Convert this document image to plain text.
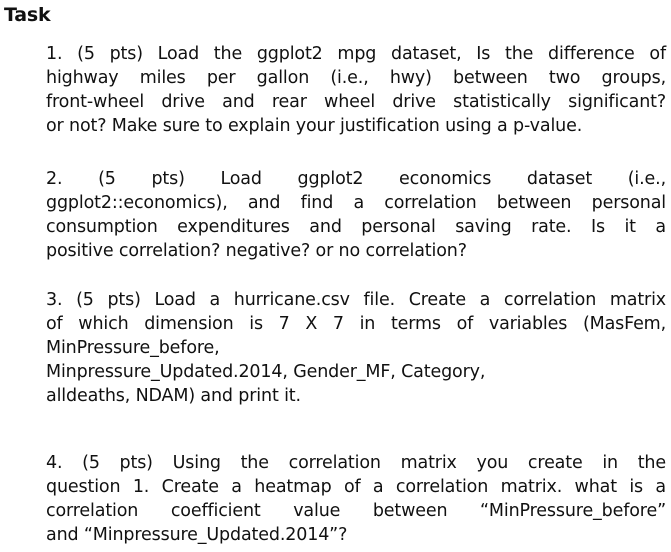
Task
1. (5 pts) Load the ggplot2 mpg dataset, Is the difference of
highway miles per gallon (i.e., hwy) between two groups,
front-wheel drive and rear wheel drive statistically significant?
or not? Make sure to explain your justification using a p-value.
2. (5 pts) Load ggplot2 economics dataset (i.e.,
ggplot2::economics), and find a correlation between personal
consumption expenditures and personal saving rate. Is it a
positive correlation? negative? or no correlation?
3. (5 pts) Load a hurricane.csv file. Create a correlation matrix
of which dimension is 7 X 7 in terms of variables (MasFem,
MinPressure_before,
Minpressure_Updated.2014, Gender_MF, Category,
alldeaths, NDAM) and print it.
4. (5 pts) Using the correlation matrix you create in the
question 1. Create a heatmap of a correlation matrix. what is a
correlation coefficient value between “MinPressure_before”
and “Minpressure_Updated.2014”?
